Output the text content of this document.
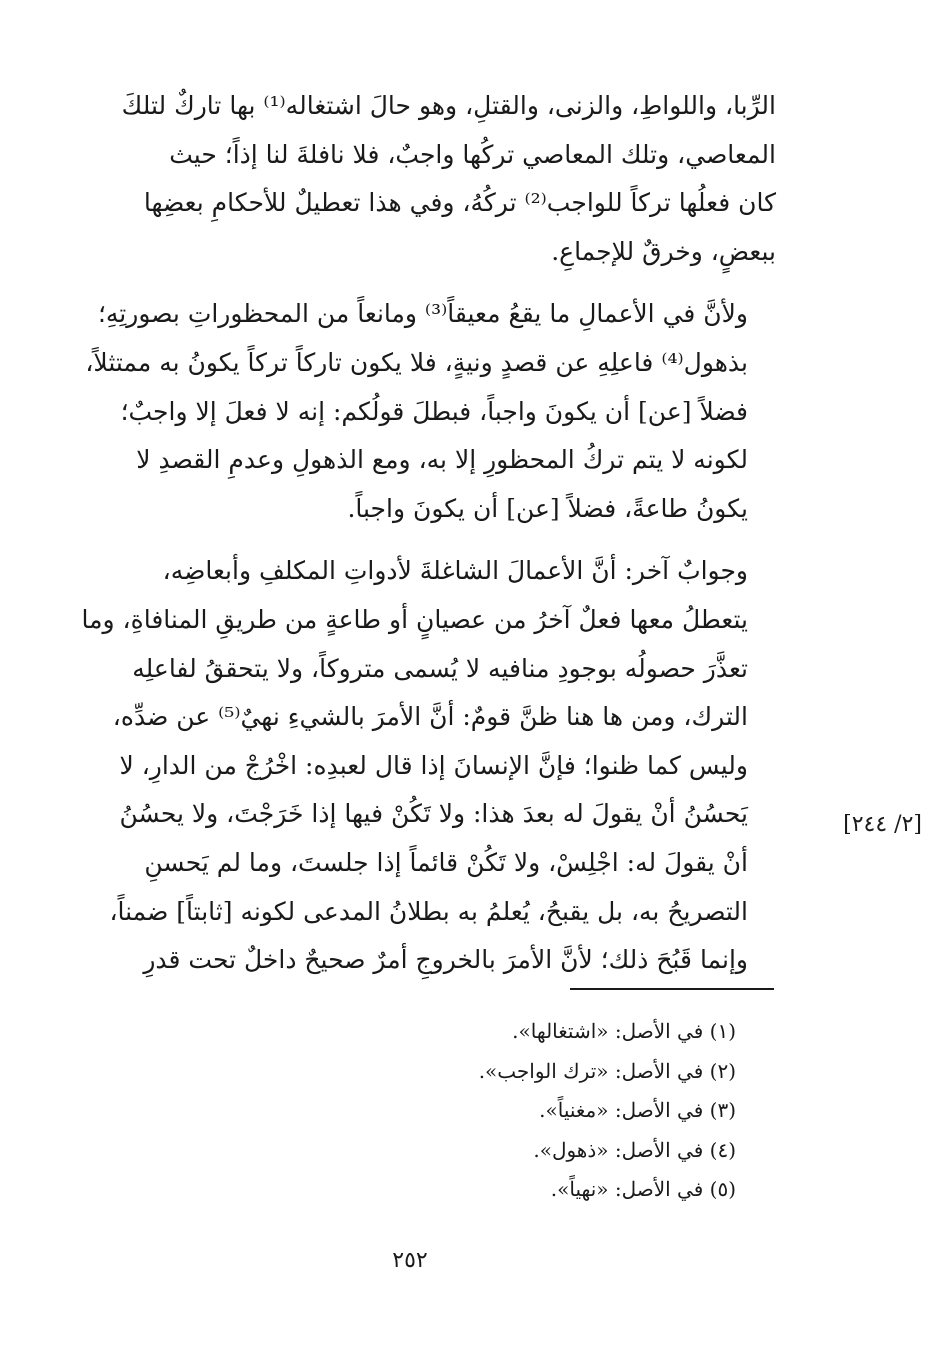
الرِّبا، واللواطِ، والزنى، والقتلِ، وهو حالَ اشتغاله⁽¹⁾ بها تاركٌ لتلكَ
المعاصي، وتلك المعاصي تركُها واجبٌ، فلا نافلةَ لنا إذاً؛ حيث
كان فعلُها تركاً للواجب⁽²⁾ تركُهُ، وفي هذا تعطيلٌ للأحكامِ بعضِها
ببعضٍ، وخرقٌ للإجماعِ.

ولأنَّ في الأعمالِ ما يقعُ معيقاً⁽³⁾ ومانعاً من المحظوراتِ بصورتِهِ؛
بذهول⁽⁴⁾ فاعلِهِ عن قصدٍ ونيةٍ، فلا يكون تاركاً تركاً يكونُ به ممتثلاً،
فضلاً [عن] أن يكونَ واجباً، فبطلَ قولُكم: إنه لا فعلَ إلا واجبٌ؛
لكونه لا يتم تركُ المحظورِ إلا به، ومع الذهولِ وعدمِ القصدِ لا
يكونُ طاعةً، فضلاً [عن] أن يكونَ واجباً.

وجوابٌ آخر: أنَّ الأعمالَ الشاغلةَ لأدواتِ المكلفِ وأبعاضِه،
يتعطلُ معها فعلٌ آخرُ من عصيانٍ أو طاعةٍ من طريقِ المنافاةِ، وما
تعذَّرَ حصولُه بوجودِ منافيه لا يُسمى متروكاً، ولا يتحققُ لفاعلِه
الترك، ومن ها هنا ظنَّ قومٌ: أنَّ الأمرَ بالشيءِ نهيٌ⁽⁵⁾ عن ضدِّه،
وليس كما ظنوا؛ فإنَّ الإنسانَ إذا قال لعبدِه: اخْرُجْ من الدارِ، لا
يَحسُنُ أنْ يقولَ له بعدَ هذا: ولا تَكُنْ فيها إذا خَرَجْتَ، ولا يحسُنُ
أنْ يقولَ له: اجْلِسْ، ولا تَكُنْ قائماً إذا جلستَ، وما لم يَحسنِ
التصريحُ به، بل يقبحُ، يُعلمُ به بطلانُ المدعى لكونه [ثابتاً] ضمناً،
وإنما قَبُحَ ذلك؛ لأنَّ الأمرَ بالخروجِ أمرٌ صحيحٌ داخلٌ تحت قدرِ

[٢/ ٢٤٤]
(١) في الأصل: «اشتغالها».
(٢) في الأصل: «ترك الواجب».
(٣) في الأصل: «مغنياً».
(٤) في الأصل: «ذهول».
(٥) في الأصل: «نهياً».
٢٥٢
